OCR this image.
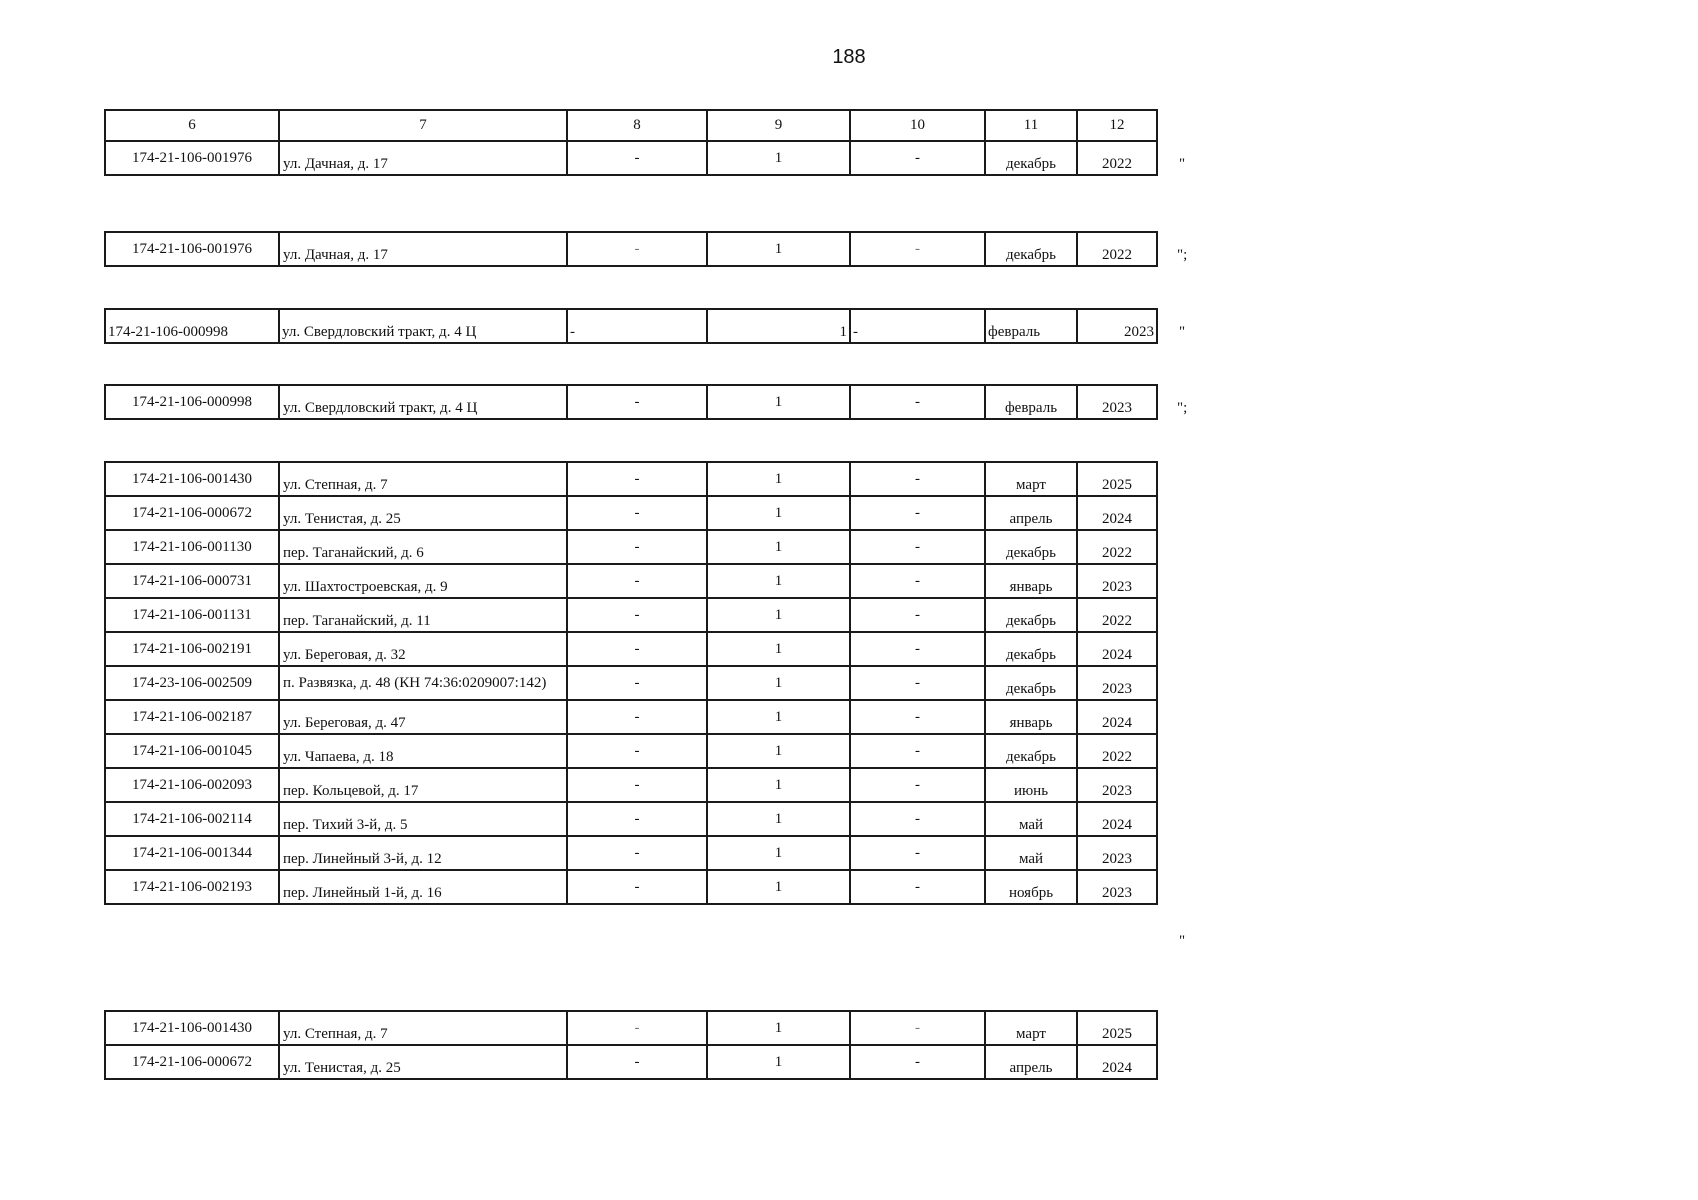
188
6	7	8	9	10	11	12
174-21-106-001976	ул. Дачная, д. 17	-	1	-	декабрь	2022	"
174-21-106-001976	ул. Дачная, д. 17	-	1	-	декабрь	2022	";
174-21-106-000998	ул. Свердловский тракт, д. 4 Ц	-	1	-	февраль	2023 "
174-21-106-000998	ул. Свердловский тракт, д. 4 Ц	-	1	-	февраль	2023	";
174-21-106-001430	ул. Степная, д. 7	-	1	-	март	2025
174-21-106-000672	ул. Тенистая, д. 25	-	1	-	апрель	2024
174-21-106-001130	пер. Таганайский, д. 6	-	1	-	декабрь	2022
174-21-106-000731	ул. Шахтостроевская, д. 9	-	1	-	январь	2023
174-21-106-001131	пер. Таганайский, д. 11	-	1	-	декабрь	2022
174-21-106-002191	ул. Береговая, д. 32	-	1	-	декабрь	2024
174-23-106-002509	п. Развязка, д. 48 (КН 74:36:0209007:142)	-	1	-	декабрь	2023
174-21-106-002187	ул. Береговая, д. 47	-	1	-	январь	2024
174-21-106-001045	ул. Чапаева, д. 18	-	1	-	декабрь	2022
174-21-106-002093	пер. Кольцевой, д. 17	-	1	-	июнь	2023
174-21-106-002114	пер. Тихий 3-й, д. 5	-	1	-	май	2024
174-21-106-001344	пер. Линейный 3-й, д. 12	-	1	-	май	2023
174-21-106-002193	пер. Линейный 1-й, д. 16	-	1	-	ноябрь	2023
"
174-21-106-001430	ул. Степная, д. 7	-	1	-	март	2025
174-21-106-000672	ул. Тенистая, д. 25	-	1	-	апрель	2024
